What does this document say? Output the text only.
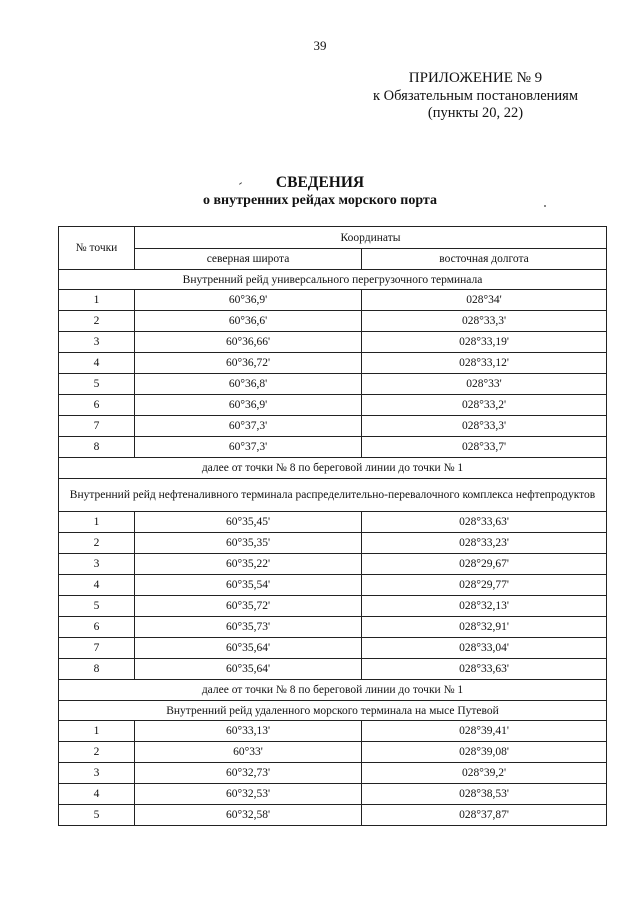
39
ПРИЛОЖЕНИЕ № 9
к Обязательным постановлениям
(пункты 20, 22)
СВЕДЕНИЯ
о внутренних рейдах морского порта
№ точки	Координаты	
	северная широта	восточная долгота
Внутренний рейд универсального перегрузочного терминала		
1	60°36,9'	028°34'
2	60°36,6'	028°33,3'
3	60°36,66'	028°33,19'
4	60°36,72'	028°33,12'
5	60°36,8'	028°33'
6	60°36,9'	028°33,2'
7	60°37,3'	028°33,3'
8	60°37,3'	028°33,7'
далее от точки № 8 по береговой линии до точки № 1		
Внутренний рейд нефтеналивного терминала распределительно-перевалочного комплекса нефтепродуктов		
1	60°35,45'	028°33,63'
2	60°35,35'	028°33,23'
3	60°35,22'	028°29,67'
4	60°35,54'	028°29,77'
5	60°35,72'	028°32,13'
6	60°35,73'	028°32,91'
7	60°35,64'	028°33,04'
8	60°35,64'	028°33,63'
далее от точки № 8 по береговой линии до точки № 1		
Внутренний рейд удаленного морского терминала на мысе Путевой		
1	60°33,13'	028°39,41'
2	60°33'	028°39,08'
3	60°32,73'	028°39,2'
4	60°32,53'	028°38,53'
5	60°32,58'	028°37,87'
